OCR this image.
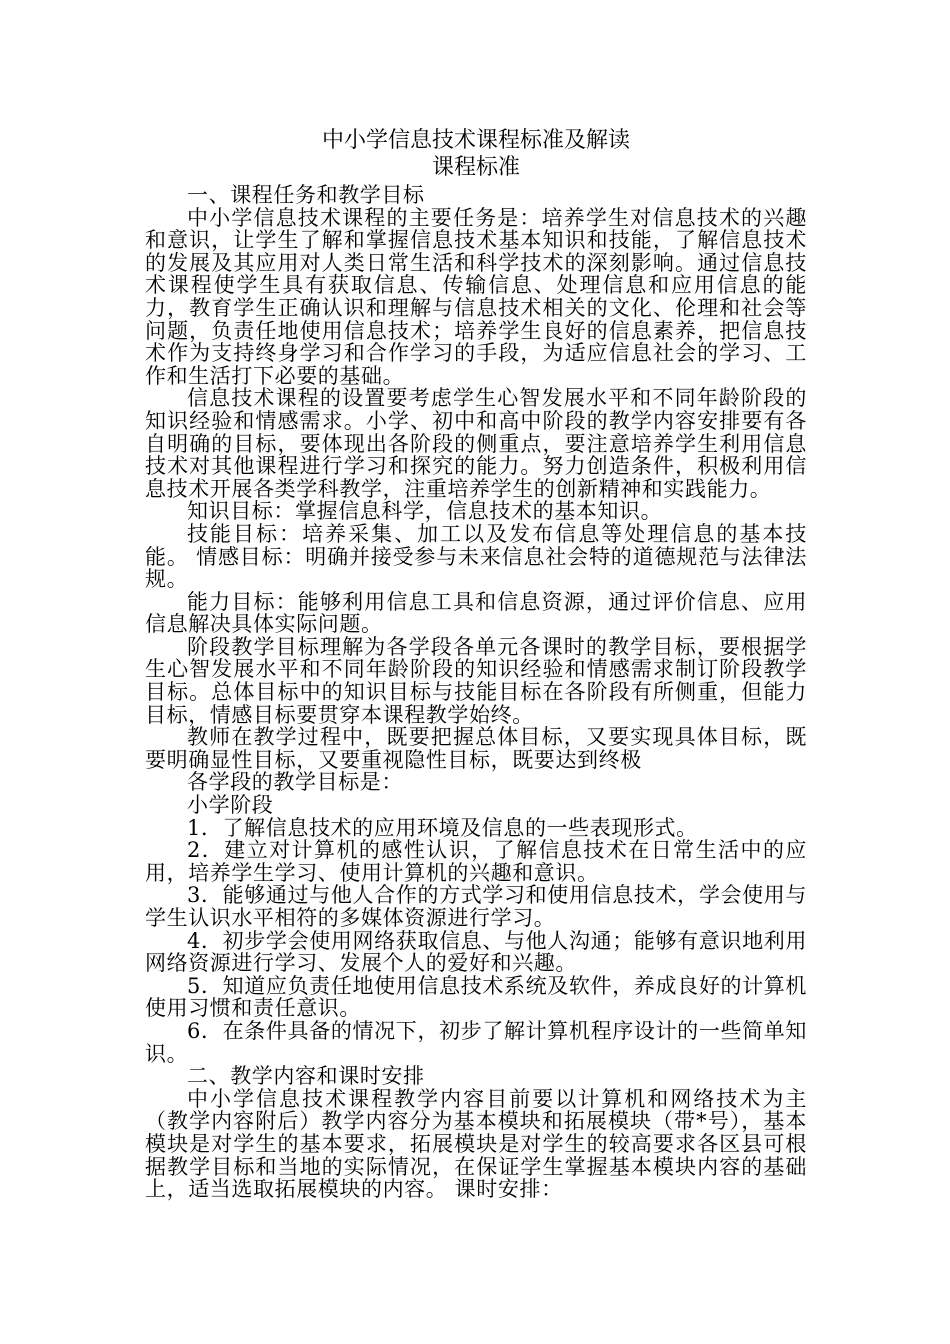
中小学信息技术课程标准及解读
课程标准

一、课程任务和教学目标

中小学信息技术课程的主要任务是：培养学生对信息技术的兴趣和意识，让学生了解和掌握信息技术基本知识和技能，了解信息技术的发展及其应用对人类日常生活和科学技术的深刻影响。通过信息技术课程使学生具有获取信息、传输信息、处理信息和应用信息的能力，教育学生正确认识和理解与信息技术相关的文化、伦理和社会等问题，负责任地使用信息技术；培养学生良好的信息素养，把信息技术作为支持终身学习和合作学习的手段，为适应信息社会的学习、工作和生活打下必要的基础。

信息技术课程的设置要考虑学生心智发展水平和不同年龄阶段的知识经验和情感需求。小学、初中和高中阶段的教学内容安排要有各自明确的目标，要体现出各阶段的侧重点，要注意培养学生利用信息技术对其他课程进行学习和探究的能力。努力创造条件，积极利用信息技术开展各类学科教学，注重培养学生的创新精神和实践能力。

知识目标：掌握信息科学，信息技术的基本知识。

技能目标：培养采集、加工以及发布信息等处理信息的基本技能。 情感目标：明确并接受参与未来信息社会特的道德规范与法律法规。

能力目标：能够利用信息工具和信息资源，通过评价信息、应用信息解决具体实际问题。

阶段教学目标理解为各学段各单元各课时的教学目标，要根据学生心智发展水平和不同年龄阶段的知识经验和情感需求制订阶段教学目标。总体目标中的知识目标与技能目标在各阶段有所侧重，但能力目标，情感目标要贯穿本课程教学始终。

教师在教学过程中，既要把握总体目标，又要实现具体目标，既要明确显性目标，又要重视隐性目标，既要达到终极

各学段的教学目标是：

小学阶段

1．了解信息技术的应用环境及信息的一些表现形式。

2．建立对计算机的感性认识，了解信息技术在日常生活中的应用，培养学生学习、使用计算机的兴趣和意识。

3．能够通过与他人合作的方式学习和使用信息技术，学会使用与学生认识水平相符的多媒体资源进行学习。

4．初步学会使用网络获取信息、与他人沟通；能够有意识地利用网络资源进行学习、发展个人的爱好和兴趣。

5．知道应负责任地使用信息技术系统及软件，养成良好的计算机使用习惯和责任意识。

6．在条件具备的情况下，初步了解计算机程序设计的一些简单知识。

二、教学内容和课时安排

中小学信息技术课程教学内容目前要以计算机和网络技术为主（教学内容附后）教学内容分为基本模块和拓展模块（带*号），基本模块是对学生的基本要求，拓展模块是对学生的较高要求各区县可根据教学目标和当地的实际情况，在保证学生掌握基本模块内容的基础上，适当选取拓展模块的内容。 课时安排：
